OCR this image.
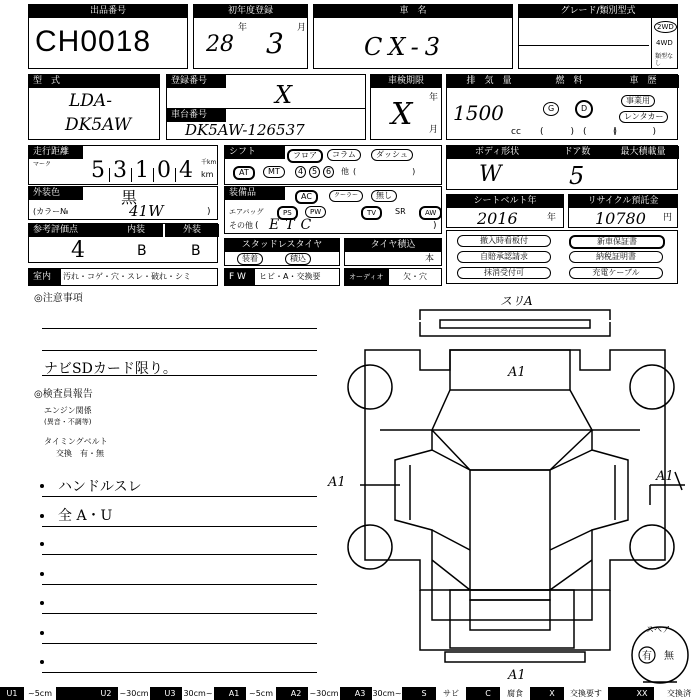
出品番号
CH0018
初年度登録
年	月
28 3
車　名
CX-3
グレード/類別型式
2WD
4WD
類型なし
型　式
LDA-
DK5AW
登録番号	X
車台番号
DK5AW-126537
車検期限
年
月
X
排　気　量	燃　料	車　歴
1500
cc
G	D
(　　　)　(　　　)
事業用
レンタカー
(　　　　)
走行距離
マーク 5 3 1 0 4 千km
km
シフト	フロア	コラム	ダッシュ
AT	MT	4	5	6	他 (　　　　　　　)
ボディ形状	ドア数	最大積載量
W	5
外装色	黒
(カラー№	41W	)
装備品	AC	クーラー	無し
エアバッグ	PS	PW	TV	SR	AW
その他 ( ETC	)
シートベルト年
2016	年
リサイクル預託金
10780 円
参考評価点	内装	外装
4	B	B	スタッドレスタイヤ
装着	積込
タイヤ積込
本
撤入時看板付	新車保証書
自賠承認請求	納税証明書
抹消受付可	充電ケーブル
室内	汚れ・コゲ・穴・スレ・破れ・シミ	F W	ヒビ・A・交換要	オーディオ	欠・穴
◎注意事項
ナビSDカード限り。
◎検査員報告
エンジン関係
(異音・不調等)
タイミングベルト
交換　有・無
ハンドルスレ
全 A・U
スリA
A1
A1	A1
A1
スペア
有 無
U1	~5cm	U2 ~30cm	U3 30cm~	A1	~5cm	A2	~30cm	A3 30cm~	S	サビ	C	腐食	X	交換要す	XX	交換済
